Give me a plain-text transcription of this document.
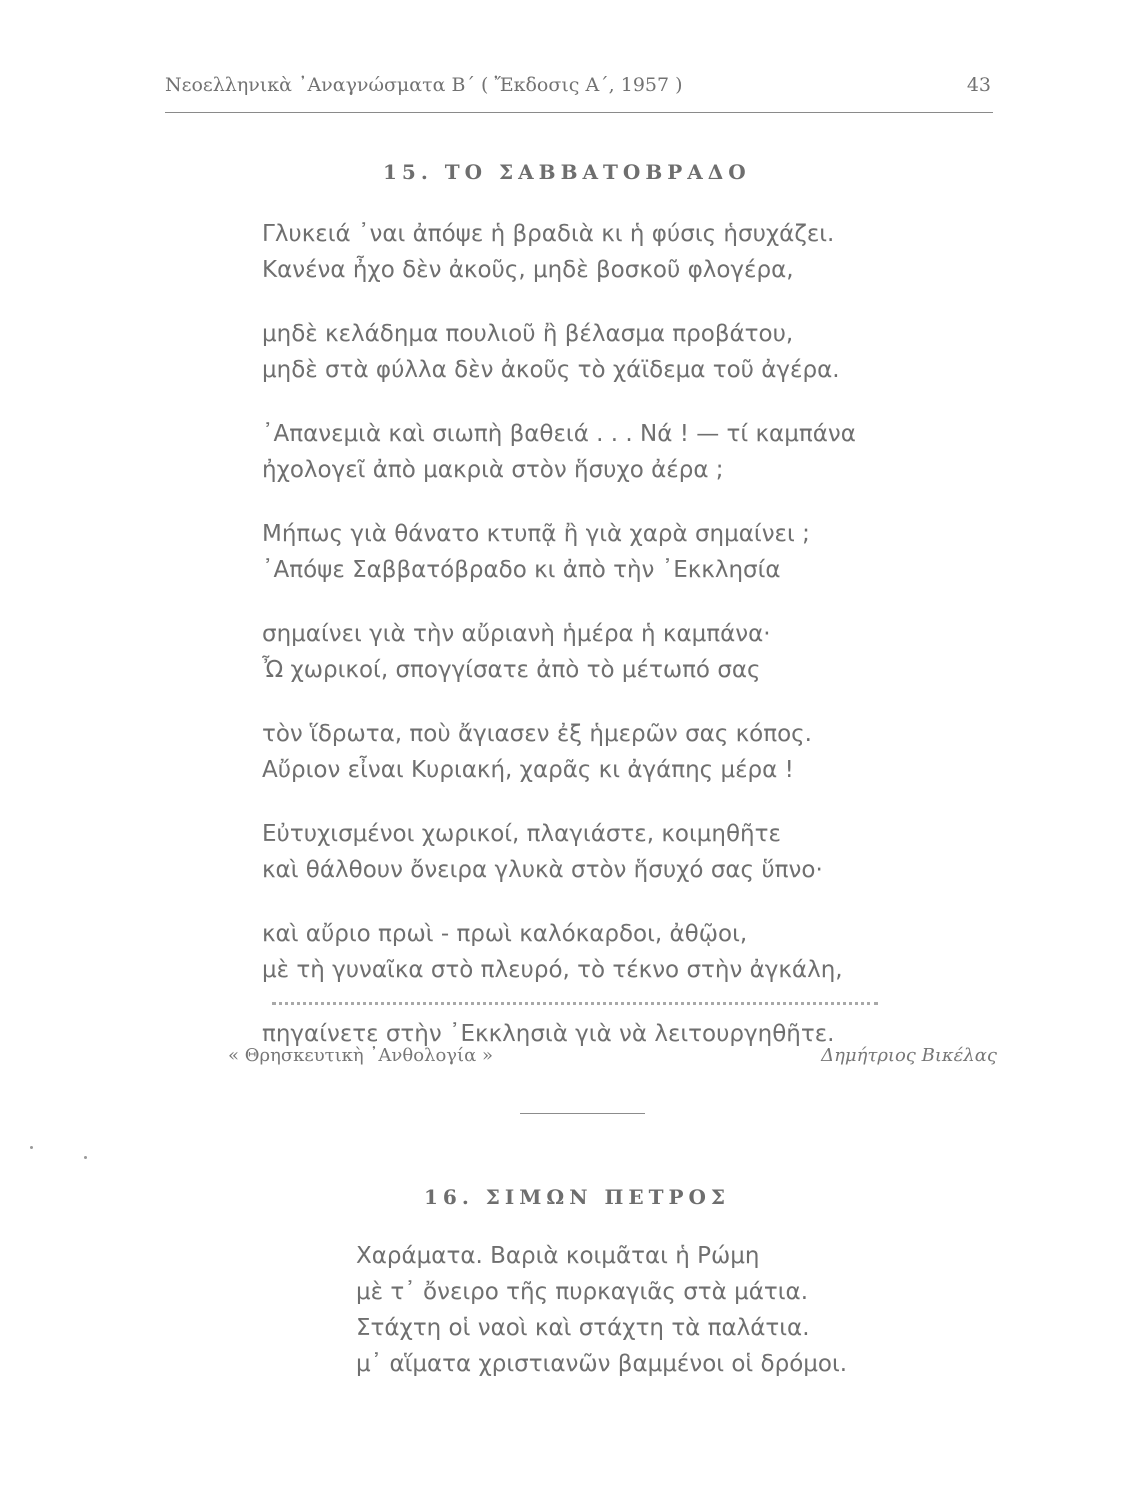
Νεοελληνικὰ ᾽Αναγνώσματα Β΄ ( Ἔκδοσις Α΄, 1957 )	43
15. ΤΟ ΣΑΒΒΑΤΟΒΡΑΔΟ
Γλυκειά ᾽ναι ἀπόψε ἡ βραδιὰ κι ἡ φύσις ἡσυχάζει.
Κανένα ἦχο δὲν ἀκοῦς, μηδὲ βοσκοῦ φλογέρα,
μηδὲ κελάδημα πουλιοῦ ἢ βέλασμα προβάτου,
μηδὲ στὰ φύλλα δὲν ἀκοῦς τὸ χάϊδεμα τοῦ ἀγέρα.
᾽Απανεμιὰ καὶ σιωπὴ βαθειά . . . Νά ! — τί καμπάνα
ἠχολογεῖ ἀπὸ μακριὰ στὸν ἥσυχο ἀέρα ;
Μήπως γιὰ θάνατο κτυπᾷ ἢ γιὰ χαρὰ σημαίνει ;
᾽Απόψε Σαββατόβραδο κι ἀπὸ τὴν ᾽Εκκλησία
σημαίνει γιὰ τὴν αὔριανὴ ἡμέρα ἡ καμπάνα·
Ὦ χωρικοί, σπογγίσατε ἀπὸ τὸ μέτωπό σας
τὸν ἵδρωτα, ποὺ ἄγιασεν ἐξ ἡμερῶν σας κόπος.
Αὔριον εἶναι Κυριακή, χαρᾶς κι ἀγάπης μέρα !
Εὐτυχισμένοι χωρικοί, πλαγιάστε, κοιμηθῆτε
καὶ θάλθουν ὄνειρα γλυκὰ στὸν ἥσυχό σας ὕπνο·
καὶ αὔριο πρωὶ - πρωὶ καλόκαρδοι, ἀθῷοι,
μὲ τὴ γυναῖκα στὸ πλευρό, τὸ τέκνο στὴν ἀγκάλη,
πηγαίνετε στὴν ᾽Εκκλησιὰ γιὰ νὰ λειτουργηθῆτε.
« Θρησκευτικὴ ᾽Ανθολογία »	Δημήτριος Βικέλας
16. ΣΙΜΩΝ ΠΕΤΡΟΣ
Χαράματα. Βαριὰ κοιμᾶται ἡ Ρώμη
μὲ τ᾽ ὄνειρο τῆς πυρκαγιᾶς στὰ μάτια.
Στάχτη οἱ ναοὶ καὶ στάχτη τὰ παλάτια.
μ᾽ αἵματα χριστιανῶν βαμμένοι οἱ δρόμοι.
